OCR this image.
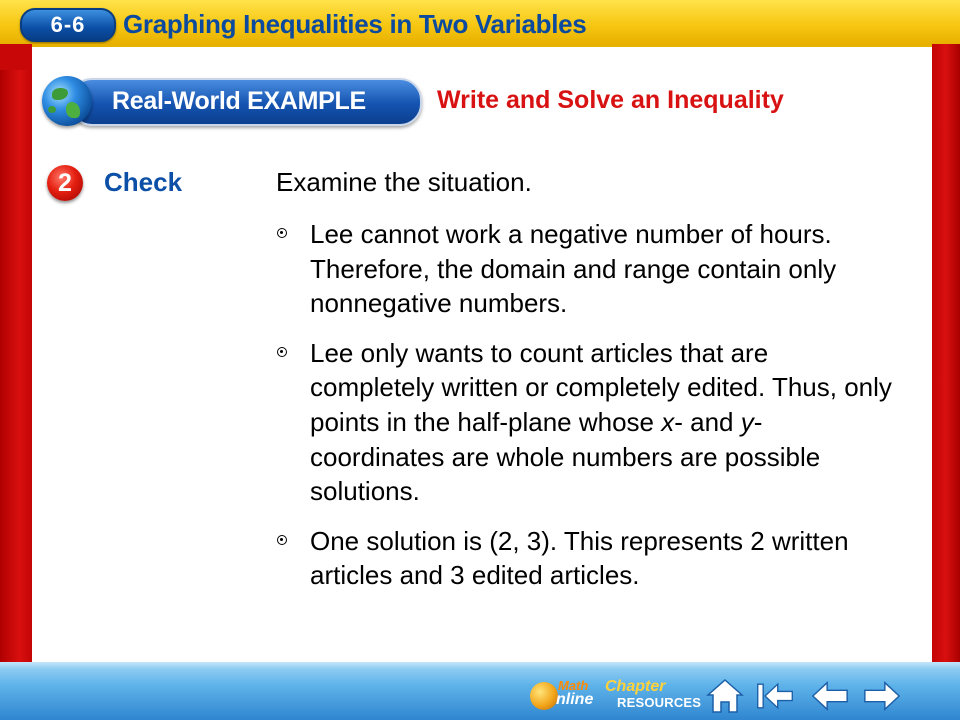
6-6 Graphing Inequalities in Two Variables
Real-World EXAMPLE	Write and Solve an Inequality
2 Check	Examine the situation.
Lee cannot work a negative number of hours. Therefore, the domain and range contain only nonnegative numbers.
Lee only wants to count articles that are completely written or completely edited. Thus, only points in the half-plane whose x- and y-coordinates are whole numbers are possible solutions.
One solution is (2, 3). This represents 2 written articles and 3 edited articles.
Math
nline
Chapter
RESOURCES
